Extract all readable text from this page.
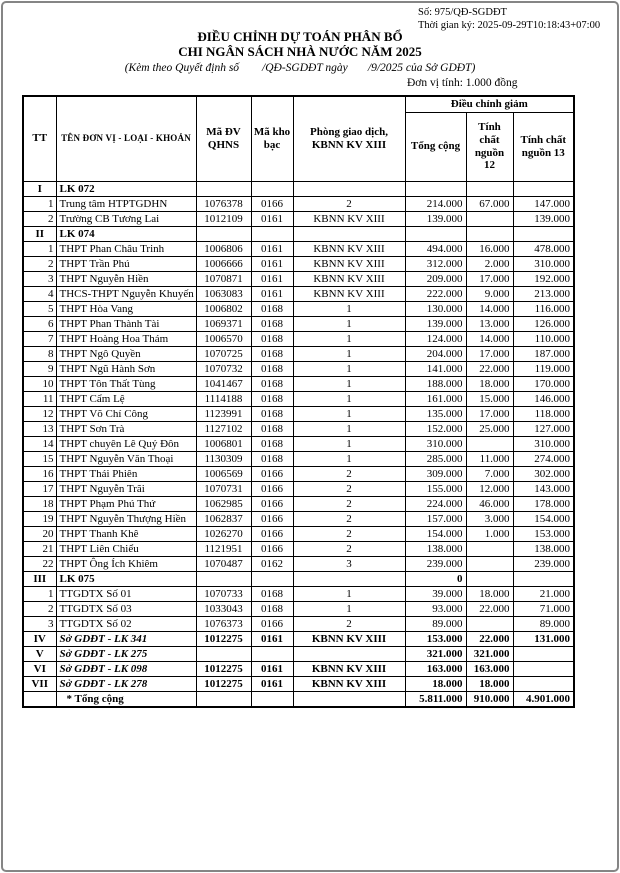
Số: 975/QĐ-SGDĐT
Thời gian ký: 2025-09-29T10:18:43+07:00
ĐIỀU CHỈNH DỰ TOÁN PHÂN BỔ
CHI NGÂN SÁCH NHÀ NƯỚC NĂM 2025
(Kèm theo Quyết định số        /QĐ-SGDĐT ngày       /9/2025 của Sở GDĐT)
Đơn vị tính: 1.000 đồng
TT	TÊN ĐƠN VỊ - LOẠI - KHOẢN	Mã ĐV QHNS	Mã kho bạc	Phòng giao dịch, KBNN KV XIII	Điều chỉnh giảm		
					Tổng cộng	Tính chất nguồn 12	Tính chất nguồn 13
I	LK 072						
1	Trung tâm HTPTGDHN	1076378	0166	2	214.000	67.000	147.000
2	Trường CB Tương Lai	1012109	0161	KBNN KV XIII	139.000		139.000
II	LK 074						
1	THPT Phan Châu Trinh	1006806	0161	KBNN KV XIII	494.000	16.000	478.000
2	THPT Trần Phú	1006666	0161	KBNN KV XIII	312.000	2.000	310.000
3	THPT Nguyễn Hiền	1070871	0161	KBNN KV XIII	209.000	17.000	192.000
4	THCS-THPT Nguyễn Khuyến	1063083	0161	KBNN KV XIII	222.000	9.000	213.000
5	THPT Hòa Vang	1006802	0168	1	130.000	14.000	116.000
6	THPT Phan Thành Tài	1069371	0168	1	139.000	13.000	126.000
7	THPT Hoàng Hoa Thám	1006570	0168	1	124.000	14.000	110.000
8	THPT Ngô Quyền	1070725	0168	1	204.000	17.000	187.000
9	THPT Ngũ Hành Sơn	1070732	0168	1	141.000	22.000	119.000
10	THPT Tôn Thất Tùng	1041467	0168	1	188.000	18.000	170.000
11	THPT Cẩm Lệ	1114188	0168	1	161.000	15.000	146.000
12	THPT Võ Chí Công	1123991	0168	1	135.000	17.000	118.000
13	THPT Sơn Trà	1127102	0168	1	152.000	25.000	127.000
14	THPT chuyên Lê Quý Đôn	1006801	0168	1	310.000		310.000
15	THPT Nguyễn Văn Thoại	1130309	0168	1	285.000	11.000	274.000
16	THPT Thái Phiên	1006569	0166	2	309.000	7.000	302.000
17	THPT Nguyễn Trãi	1070731	0166	2	155.000	12.000	143.000
18	THPT Phạm Phú Thứ	1062985	0166	2	224.000	46.000	178.000
19	THPT Nguyễn Thượng Hiền	1062837	0166	2	157.000	3.000	154.000
20	THPT Thanh Khê	1026270	0166	2	154.000	1.000	153.000
21	THPT Liên Chiểu	1121951	0166	2	138.000		138.000
22	THPT Ông Ích Khiêm	1070487	0162	3	239.000		239.000
III	LK 075				0		
1	TTGDTX Số 01	1070733	0168	1	39.000	18.000	21.000
2	TTGDTX Số 03	1033043	0168	1	93.000	22.000	71.000
3	TTGDTX Số 02	1076373	0166	2	89.000		89.000
IV	Sở GDĐT - LK 341	1012275	0161	KBNN KV XIII	153.000	22.000	131.000
V	Sở GDĐT - LK 275				321.000	321.000	
VI	Sở GDĐT - LK 098	1012275	0161	KBNN KV XIII	163.000	163.000	
VII	Sở GDĐT - LK 278	1012275	0161	KBNN KV XIII	18.000	18.000	
	* Tổng cộng				5.811.000	910.000	4.901.000
